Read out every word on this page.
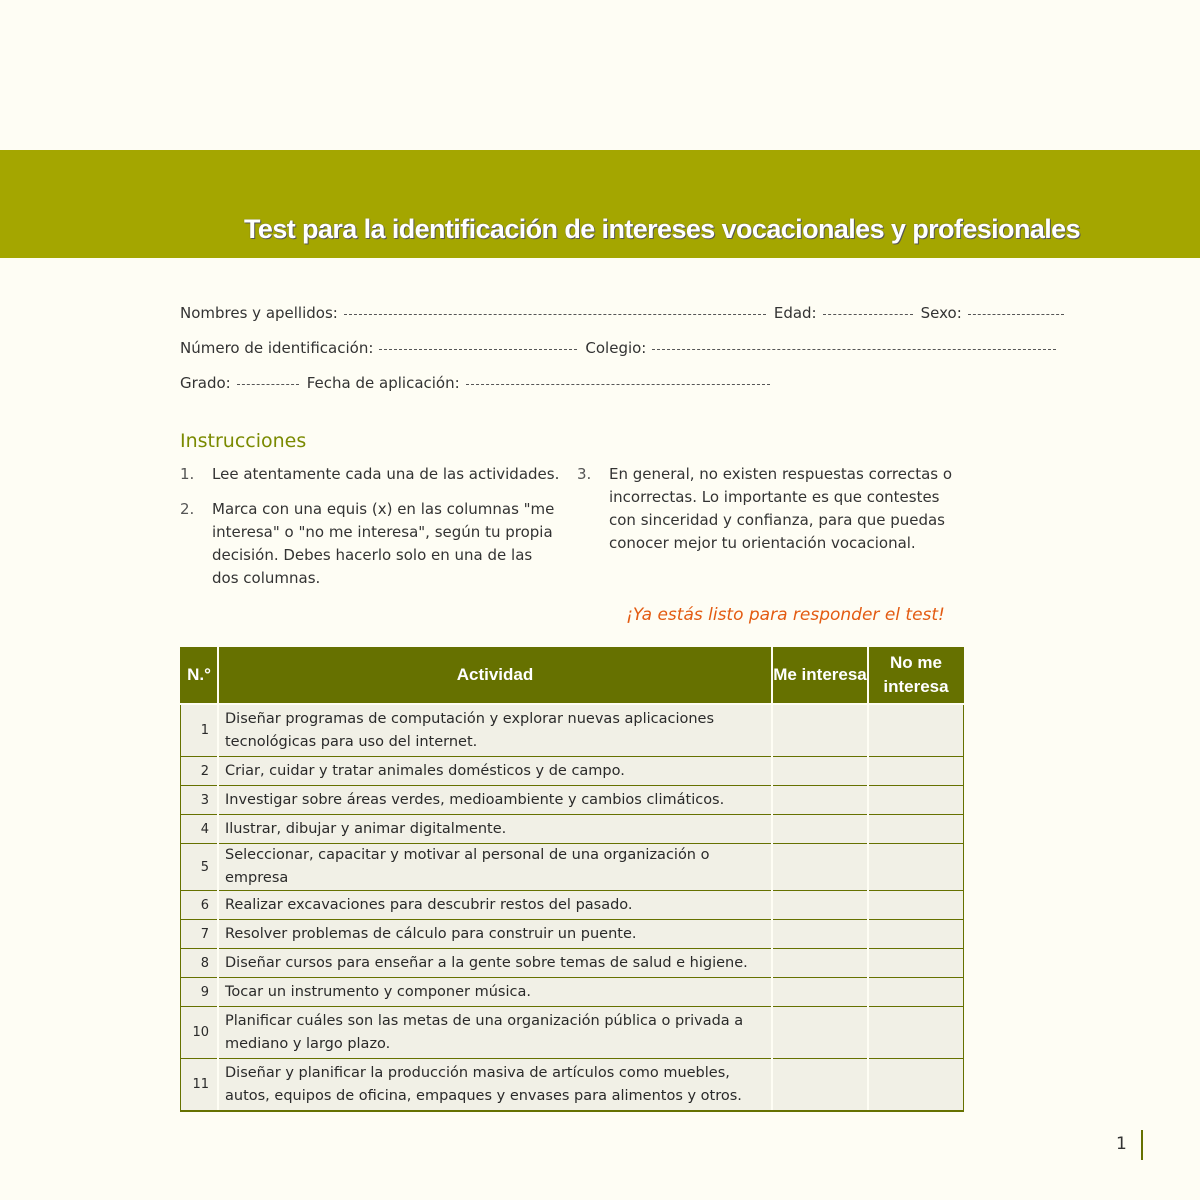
Test para la identificación de intereses vocacionales y profesionales
Nombres y apellidos:	Edad:	Sexo:
Número de identificación:	Colegio:
Grado:	Fecha de aplicación:
Instrucciones
1.	Lee atentamente cada una de las actividades.
2.	Marca con una equis (x) en las columnas "me interesa" o "no me interesa", según tu propia decisión. Debes hacerlo solo en una de las dos columnas.
3.	En general, no existen respuestas correctas o incorrectas. Lo importante es que contestes con sinceridad y confianza, para que puedas conocer mejor tu orientación vocacional.
¡Ya estás listo para responder el test!
N.°	Actividad	Me interesa	No me interesa
1	Diseñar programas de computación y explorar nuevas aplicaciones tecnológicas para uso del internet.		
2	Criar, cuidar y tratar animales domésticos y de campo.		
3	Investigar sobre áreas verdes, medioambiente y cambios climáticos.		
4	Ilustrar, dibujar y animar digitalmente.		
5	Seleccionar, capacitar y motivar al personal de una organización o empresa		
6	Realizar excavaciones para descubrir restos del pasado.		
7	Resolver problemas de cálculo para construir un puente.		
8	Diseñar cursos para enseñar a la gente sobre temas de salud e higiene.		
9	Tocar un instrumento y componer música.		
10	Planificar cuáles son las metas de una organización pública o privada a mediano y largo plazo.		
11	Diseñar y planificar la producción masiva de artículos como muebles, autos, equipos de oficina, empaques y envases para alimentos y otros.		
1
